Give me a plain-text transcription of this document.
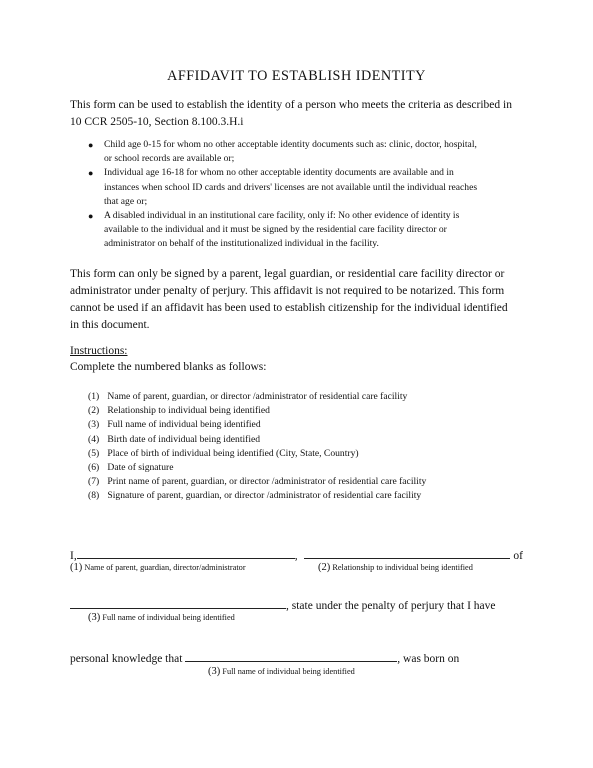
AFFIDAVIT TO ESTABLISH IDENTITY
This form can be used to establish the identity of a person who meets the criteria as described in
10 CCR 2505-10, Section 8.100.3.H.i
● Child age 0-15 for whom no other acceptable identity documents such as: clinic, doctor, hospital,
or school records are available or;
● Individual age 16-18 for whom no other acceptable identity documents are available and in
instances when school ID cards and drivers' licenses are not available until the individual reaches
that age or;
● A disabled individual in an institutional care facility, only if: No other evidence of identity is
available to the individual and it must be signed by the residential care facility director or
administrator on behalf of the institutionalized individual in the facility.
This form can only be signed by a parent, legal guardian, or residential care facility director or
administrator under penalty of perjury. This affidavit is not required to be notarized. This form
cannot be used if an affidavit has been used to establish citizenship for the individual identified
in this document.
Instructions:
Complete the numbered blanks as follows:
(1) Name of parent, guardian, or director /administrator of residential care facility
(2) Relationship to individual being identified
(3) Full name of individual being identified
(4) Birth date of individual being identified
(5) Place of birth of individual being identified (City, State, Country)
(6) Date of signature
(7) Print name of parent, guardian, or director /administrator of residential care facility
(8) Signature of parent, guardian, or director /administrator of residential care facility
I,	,	of
(1) Name of parent, guardian, director/administrator	(2) Relationship to individual being identified
, state under the penalty of perjury that I have
(3) Full name of individual being identified
personal knowledge that	, was born on
(3) Full name of individual being identified
